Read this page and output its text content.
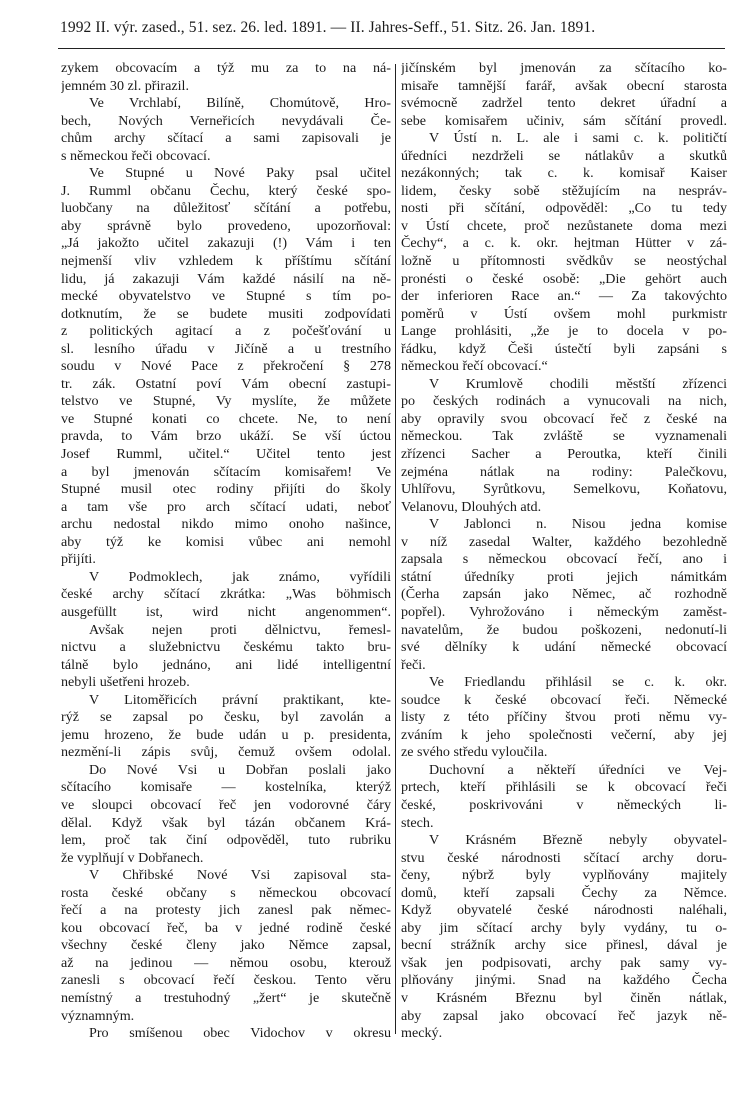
1992 II. výr. zased., 51. sez. 26. led. 1891. — II. Jahres-Seff., 51. Sitz. 26. Jan. 1891.
zykem obcovacím a týž mu za to na ná-
jemném 30 zl. přirazil.
Ve Vrchlabí, Bilíně, Chomútově, Hro-
bech, Nových Verneřicích nevydávali Če-
chům archy sčítací a sami zapisovali je
s německou řeči obcovací.
Ve Stupné u Nové Paky psal učitel
J. Rumml občanu Čechu, který české spo-
luobčany na důležitosť sčítání a potřebu,
aby správně bylo provedeno, upozorňoval:
„Já jakožto učitel zakazuji (!) Vám i ten
nejmenší vliv vzhledem k příštímu sčítání
lidu, já zakazuji Vám každé násilí na ně-
mecké obyvatelstvo ve Stupné s tím po-
dotknutím, že se budete musiti zodpovídati
z politických agitací a z počešťování u
sl. lesního úřadu v Jičíně a u trestního
soudu v Nové Pace z překročení § 278
tr. zák. Ostatní poví Vám obecní zastupi-
telstvo ve Stupné, Vy myslíte, že můžete
ve Stupné konati co chcete. Ne, to není
pravda, to Vám brzo ukáží. Se vší úctou
Josef Rumml, učitel.“ Učitel tento jest
a byl jmenován sčítacím komisařem! Ve
Stupné musil otec rodiny přijíti do školy
a tam vše pro arch sčítací udati, neboť
archu nedostal nikdo mimo onoho našince,
aby týž ke komisi vůbec ani nemohl
přijíti.
V Podmoklech, jak známo, vyřídili
české archy sčítací zkrátka: „Was böhmisch
ausgefüllt ist, wird nicht angenommen“.
Avšak nejen proti dělnictvu, řemesl-
nictvu a služebnictvu českému takto bru-
tálně bylo jednáno, ani lidé intelligentní
nebyli ušetřeni hrozeb.
V Litoměřicích právní praktikant, kte-
rýž se zapsal po česku, byl zavolán a
jemu hrozeno, že bude udán u p. presidenta,
nezmění-li zápis svůj, čemuž ovšem odolal.
Do Nové Vsi u Dobřan poslali jako
sčítacího komisaře — kostelníka, kterýž
ve sloupci obcovací řeč jen vodorovné čáry
dělal. Když však byl tázán občanem Krá-
lem, proč tak činí odpověděl, tuto rubriku
že vyplňují v Dobřanech.
V Chřibské Nové Vsi zapisoval sta-
rosta české občany s německou obcovací
řečí a na protesty jich zanesl pak němec-
kou obcovací řeč, ba v jedné rodině české
všechny české členy jako Němce zapsal,
až na jedinou — němou osobu, kterouž
zanesli s obcovací řečí českou. Tento věru
nemístný a trestuhodný „žert“ je skutečně
významným.
Pro smíšenou obec Vidochov v okresu
jičínském byl jmenován za sčítacího ko-
misaře tamnější farář, avšak obecní starosta
svémocně zadržel tento dekret úřadní a
sebe komisařem učiniv, sám sčítání provedl.
V Ústí n. L. ale i sami c. k. političtí
úředníci nezdrželi se nátlakův a skutků
nezákonných; tak c. k. komisař Kaiser
lidem, česky sobě stěžujícím na nespráv-
nosti při sčítání, odpověděl: „Co tu tedy
v Ústí chcete, proč nezůstanete doma mezi
Čechy“, a c. k. okr. hejtman Hütter v zá-
ložně u přítomnosti svědkův se neostýchal
pronésti o české osobě: „Die gehört auch
der inferioren Race an.“ — Za takovýchto
poměrů v Ústí ovšem mohl purkmistr
Lange prohlásiti, „že je to docela v po-
řádku, když Češi ústečtí byli zapsáni s
německou řečí obcovací.“
V Krumlově chodili městští zřízenci
po českých rodinách a vynucovali na nich,
aby opravily svou obcovací řeč z české na
německou. Tak zvláště se vyznamenali
zřízenci Sacher a Peroutka, kteří činili
zejména nátlak na rodiny: Palečkovu,
Uhlířovu, Syrůtkovu, Semelkovu, Koňatovu,
Velanovu, Dlouhých atd.
V Jablonci n. Nisou jedna komise
v níž zasedal Walter, každého bezohledně
zapsala s německou obcovací řečí, ano i
státní úředníky proti jejich námitkám
(Čerha zapsán jako Němec, ač rozhodně
popřel). Vyhrožováno i německým zaměst-
navatelům, že budou poškozeni, nedonutí-li
své dělníky k udání německé obcovací
řeči.
Ve Friedlandu přihlásil se c. k. okr.
soudce k české obcovací řeči. Německé
listy z této příčiny štvou proti němu vy-
zváním k jeho společnosti večerní, aby jej
ze svého středu vyloučila.
Duchovní a někteří úředníci ve Vej-
prtech, kteří přihlásili se k obcovací řeči
české, poskrivováni v německých li-
stech.
V Krásném Březně nebyly obyvatel-
stvu české národnosti sčítací archy doru-
čeny, nýbrž byly vyplňovány majitely
domů, kteří zapsali Čechy za Němce.
Když obyvatelé české národnosti naléhali,
aby jim sčítací archy byly vydány, tu o-
becní strážník archy sice přinesl, dával je
však jen podpisovati, archy pak samy vy-
plňovány jinými. Snad na každého Čecha
v Krásném Březnu byl činěn nátlak,
aby zapsal jako obcovací řeč jazyk ně-
mecký.
